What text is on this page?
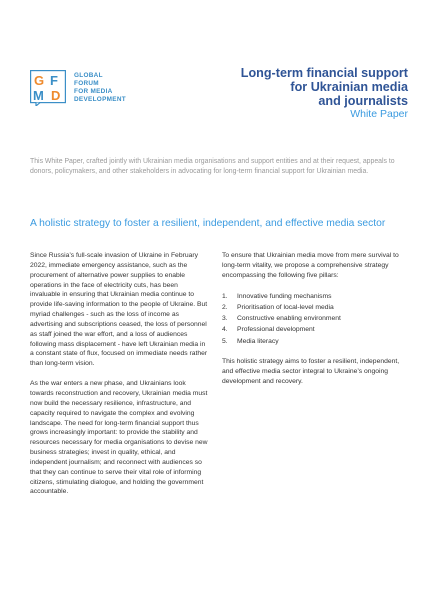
G F
M D
GLOBAL
FORUM
FOR MEDIA
DEVELOPMENT
Long-term financial support
for Ukrainian media
and journalists
White Paper
This White Paper, crafted jointly with Ukrainian media organisations and support entities and at their request, appeals to donors, policymakers, and other stakeholders in advocating for long-term financial support for Ukrainian media.
A holistic strategy to foster a resilient, independent, and effective media sector

Since Russia’s full-scale invasion of Ukraine in February 2022, immediate emergency assistance, such as the procurement of alternative power supplies to enable operations in the face of electricity cuts, has been invaluable in ensuring that Ukrainian media continue to provide life-saving information to the people of Ukraine. But myriad challenges - such as the loss of income as advertising and subscriptions ceased, the loss of personnel as staff joined the war effort, and a loss of audiences following mass displacement - have left Ukrainian media in a constant state of flux, focused on immediate needs rather than long-term vision.

As the war enters a new phase, and Ukrainians look towards reconstruction and recovery, Ukrainian media must now build the necessary resilience, infrastructure, and capacity required to navigate the complex and evolving landscape. The need for long-term financial support thus grows increasingly important: to provide the stability and resources necessary for media organisations to devise new business strategies; invest in quality, ethical, and independent journalism; and reconnect with audiences so that they can continue to serve their vital role of informing citizens, stimulating dialogue, and holding the government accountable.

To ensure that Ukrainian media move from mere survival to long-term vitality, we propose a comprehensive strategy encompassing the following five pillars:

1.	Innovative funding mechanisms
2.	Prioritisation of local-level media
3.	Constructive enabling environment
4.	Professional development
5.	Media literacy

This holistic strategy aims to foster a resilient, independent, and effective media sector integral to Ukraine’s ongoing development and recovery.
